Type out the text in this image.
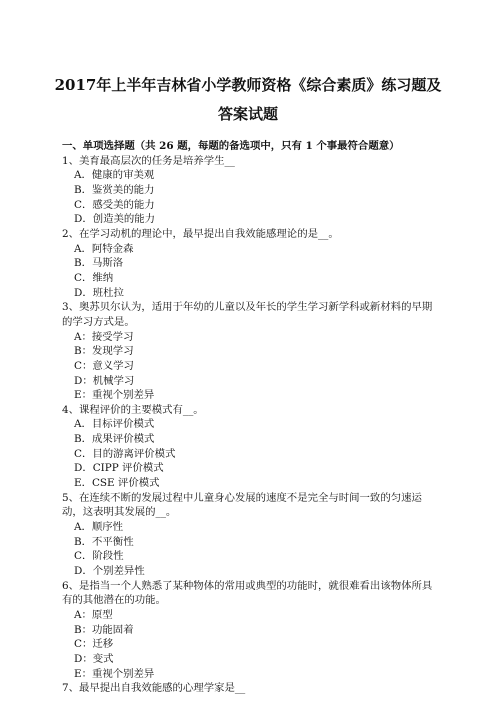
2017年上半年吉林省小学教师资格《综合素质》练习题及
答案试题
一、单项选择题（共 26 题，每题的备选项中，只有 1 个事最符合题意）
1、美育最高层次的任务是培养学生__
A．健康的审美观
B．鉴赏美的能力
C．感受美的能力
D．创造美的能力
2、在学习动机的理论中，最早提出自我效能感理论的是__。
A．阿特金森
B．马斯洛
C．维纳
D．班杜拉
3、奥苏贝尔认为，适用于年幼的儿童以及年长的学生学习新学科或新材料的早期的学习方式是。
A：接受学习
B：发现学习
C：意义学习
D：机械学习
E：重视个别差异
4、课程评价的主要模式有__。
A．目标评价模式
B．成果评价模式
C．目的游离评价模式
D．CIPP 评价模式
E．CSE 评价模式
5、在连续不断的发展过程中儿童身心发展的速度不是完全与时间一致的匀速运动，这表明其发展的__。
A．顺序性
B．不平衡性
C．阶段性
D．个别差异性
6、是指当一个人熟悉了某种物体的常用或典型的功能时，就很难看出该物体所具有的其他潜在的功能。
A：原型
B：功能固着
C：迁移
D：变式
E：重视个别差异
7、最早提出自我效能感的心理学家是__
